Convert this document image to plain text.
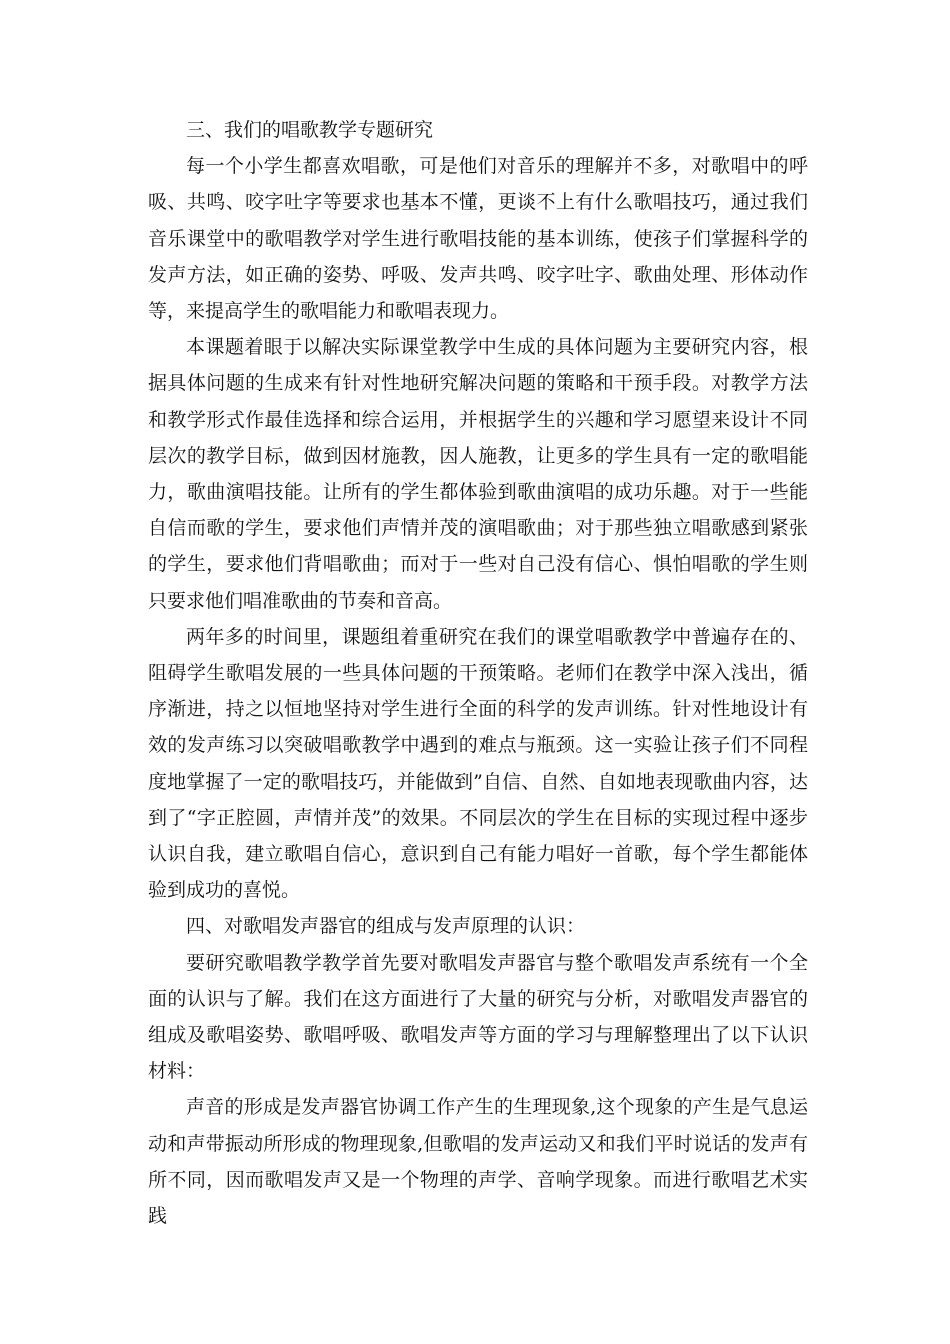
三、我们的唱歌教学专题研究

每一个小学生都喜欢唱歌，可是他们对音乐的理解并不多，对歌唱中的呼吸、共鸣、咬字吐字等要求也基本不懂，更谈不上有什么歌唱技巧，通过我们音乐课堂中的歌唱教学对学生进行歌唱技能的基本训练，使孩子们掌握科学的发声方法，如正确的姿势、呼吸、发声共鸣、咬字吐字、歌曲处理、形体动作等，来提高学生的歌唱能力和歌唱表现力。

本课题着眼于以解决实际课堂教学中生成的具体问题为主要研究内容，根据具体问题的生成来有针对性地研究解决问题的策略和干预手段。对教学方法和教学形式作最佳选择和综合运用，并根据学生的兴趣和学习愿望来设计不同层次的教学目标，做到因材施教，因人施教，让更多的学生具有一定的歌唱能力，歌曲演唱技能。让所有的学生都体验到歌曲演唱的成功乐趣。对于一些能自信而歌的学生，要求他们声情并茂的演唱歌曲；对于那些独立唱歌感到紧张的学生，要求他们背唱歌曲；而对于一些对自己没有信心、惧怕唱歌的学生则只要求他们唱准歌曲的节奏和音高。

两年多的时间里，课题组着重研究在我们的课堂唱歌教学中普遍存在的、阻碍学生歌唱发展的一些具体问题的干预策略。老师们在教学中深入浅出，循序渐进，持之以恒地坚持对学生进行全面的科学的发声训练。针对性地设计有效的发声练习以突破唱歌教学中遇到的难点与瓶颈。这一实验让孩子们不同程度地掌握了一定的歌唱技巧，并能做到”自信、自然、自如地表现歌曲内容，达到了“字正腔圆，声情并茂”的效果。不同层次的学生在目标的实现过程中逐步认识自我，建立歌唱自信心，意识到自己有能力唱好一首歌，每个学生都能体验到成功的喜悦。

四、对歌唱发声器官的组成与发声原理的认识：

要研究歌唱教学教学首先要对歌唱发声器官与整个歌唱发声系统有一个全面的认识与了解。我们在这方面进行了大量的研究与分析，对歌唱发声器官的组成及歌唱姿势、歌唱呼吸、歌唱发声等方面的学习与理解整理出了以下认识材料：

声音的形成是发声器官协调工作产生的生理现象,这个现象的产生是气息运动和声带振动所形成的物理现象,但歌唱的发声运动又和我们平时说话的发声有所不同，因而歌唱发声又是一个物理的声学、音响学现象。而进行歌唱艺术实践
